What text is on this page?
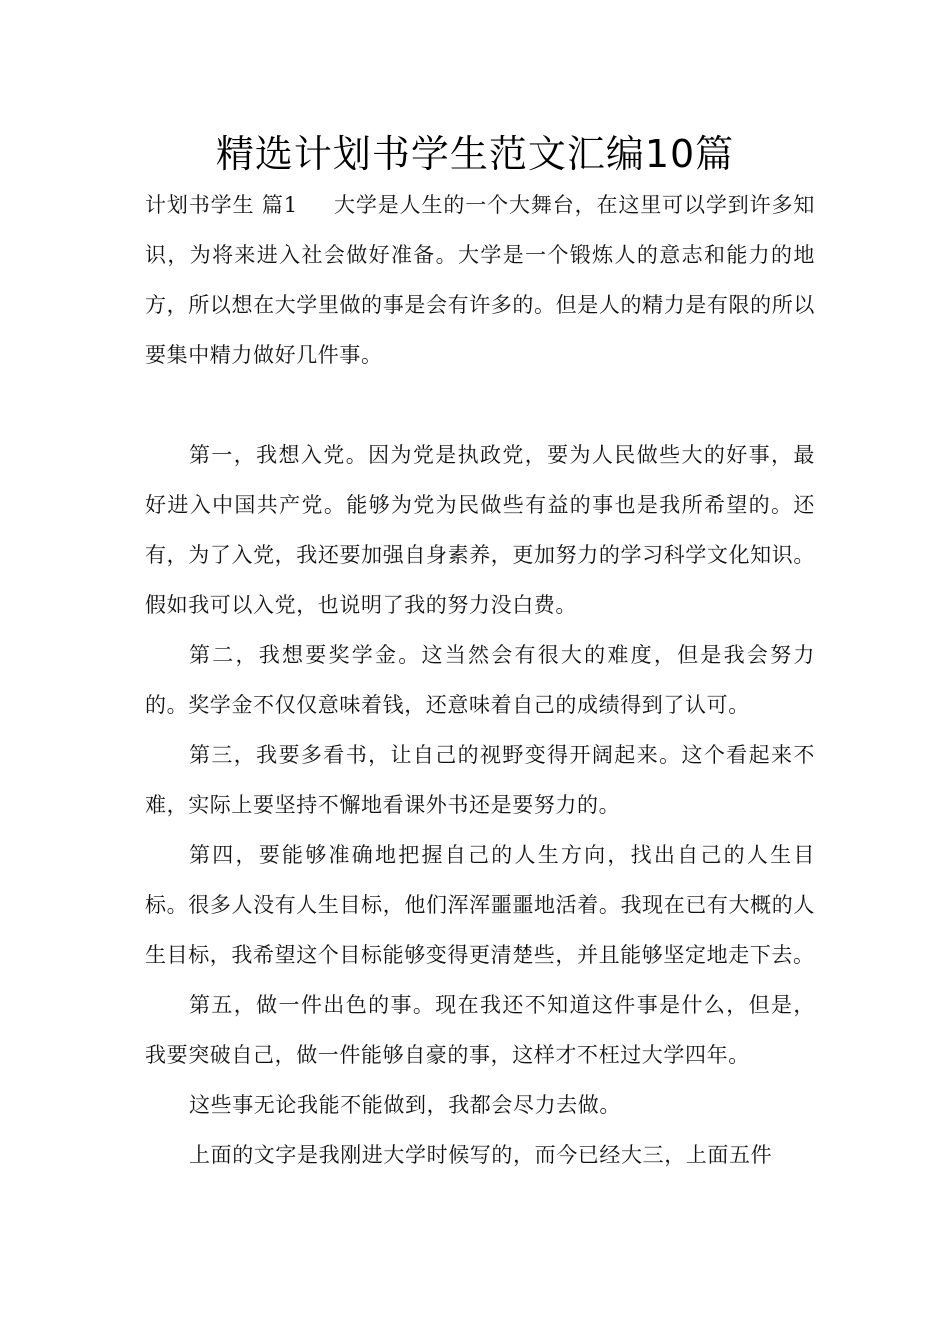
精选计划书学生范文汇编10篇

计划书学生 篇1 大学是人生的一个大舞台，在这里可以学到许多知识，为将来进入社会做好准备。大学是一个锻炼人的意志和能力的地方，所以想在大学里做的事是会有许多的。但是人的精力是有限的所以要集中精力做好几件事。

第一，我想入党。因为党是执政党，要为人民做些大的好事，最好进入中国共产党。能够为党为民做些有益的事也是我所希望的。还有，为了入党，我还要加强自身素养，更加努力的学习科学文化知识。假如我可以入党，也说明了我的努力没白费。

第二，我想要奖学金。这当然会有很大的难度，但是我会努力的。奖学金不仅仅意味着钱，还意味着自己的成绩得到了认可。

第三，我要多看书，让自己的视野变得开阔起来。这个看起来不难，实际上要坚持不懈地看课外书还是要努力的。

第四，要能够准确地把握自己的人生方向，找出自己的人生目标。很多人没有人生目标，他们浑浑噩噩地活着。我现在已有大概的人生目标，我希望这个目标能够变得更清楚些，并且能够坚定地走下去。

第五，做一件出色的事。现在我还不知道这件事是什么，但是，我要突破自己，做一件能够自豪的事，这样才不枉过大学四年。

这些事无论我能不能做到，我都会尽力去做。

上面的文字是我刚进大学时候写的，而今已经大三，上面五件
